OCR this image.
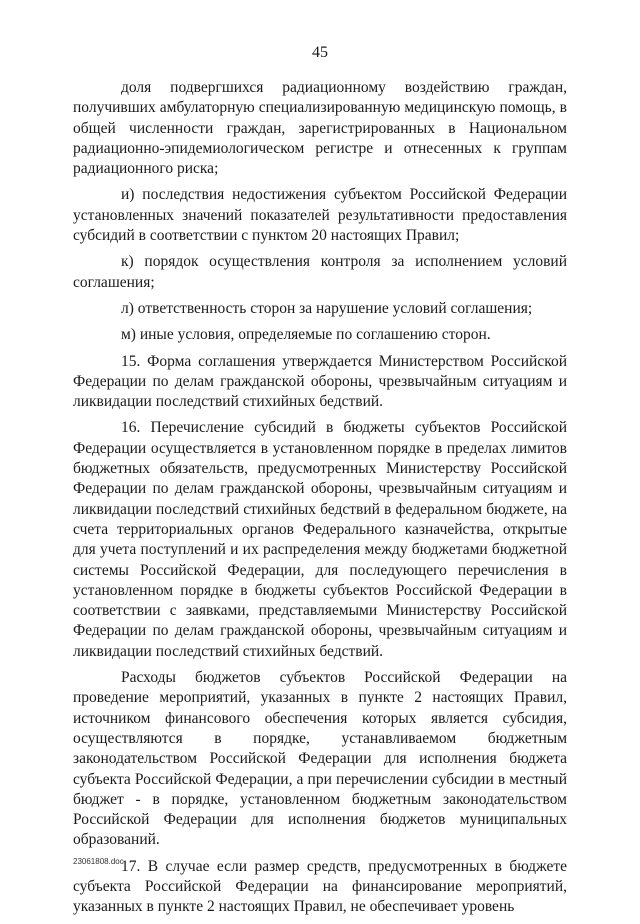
45

доля подвергшихся радиационному воздействию граждан, получивших амбулаторную специализированную медицинскую помощь, в общей численности граждан, зарегистрированных в Национальном радиационно-эпидемиологическом регистре и отнесенных к группам радиационного риска;

и) последствия недостижения субъектом Российской Федерации установленных значений показателей результативности предоставления субсидий в соответствии с пунктом 20 настоящих Правил;

к) порядок осуществления контроля за исполнением условий соглашения;

л) ответственность сторон за нарушение условий соглашения;

м) иные условия, определяемые по соглашению сторон.

15. Форма соглашения утверждается Министерством Российской Федерации по делам гражданской обороны, чрезвычайным ситуациям и ликвидации последствий стихийных бедствий.

16. Перечисление субсидий в бюджеты субъектов Российской Федерации осуществляется в установленном порядке в пределах лимитов бюджетных обязательств, предусмотренных Министерству Российской Федерации по делам гражданской обороны, чрезвычайным ситуациям и ликвидации последствий стихийных бедствий в федеральном бюджете, на счета территориальных органов Федерального казначейства, открытые для учета поступлений и их распределения между бюджетами бюджетной системы Российской Федерации, для последующего перечисления в установленном порядке в бюджеты субъектов Российской Федерации в соответствии с заявками, представляемыми Министерству Российской Федерации по делам гражданской обороны, чрезвычайным ситуациям и ликвидации последствий стихийных бедствий.

Расходы бюджетов субъектов Российской Федерации на проведение мероприятий, указанных в пункте 2 настоящих Правил, источником финансового обеспечения которых является субсидия, осуществляются в порядке, устанавливаемом бюджетным законодательством Российской Федерации для исполнения бюджета субъекта Российской Федерации, а при перечислении субсидии в местный бюджет - в порядке, установленном бюджетным законодательством Российской Федерации для исполнения бюджетов муниципальных образований.

17. В случае если размер средств, предусмотренных в бюджете субъекта Российской Федерации на финансирование мероприятий, указанных в пункте 2 настоящих Правил, не обеспечивает уровень

23061808.doc
